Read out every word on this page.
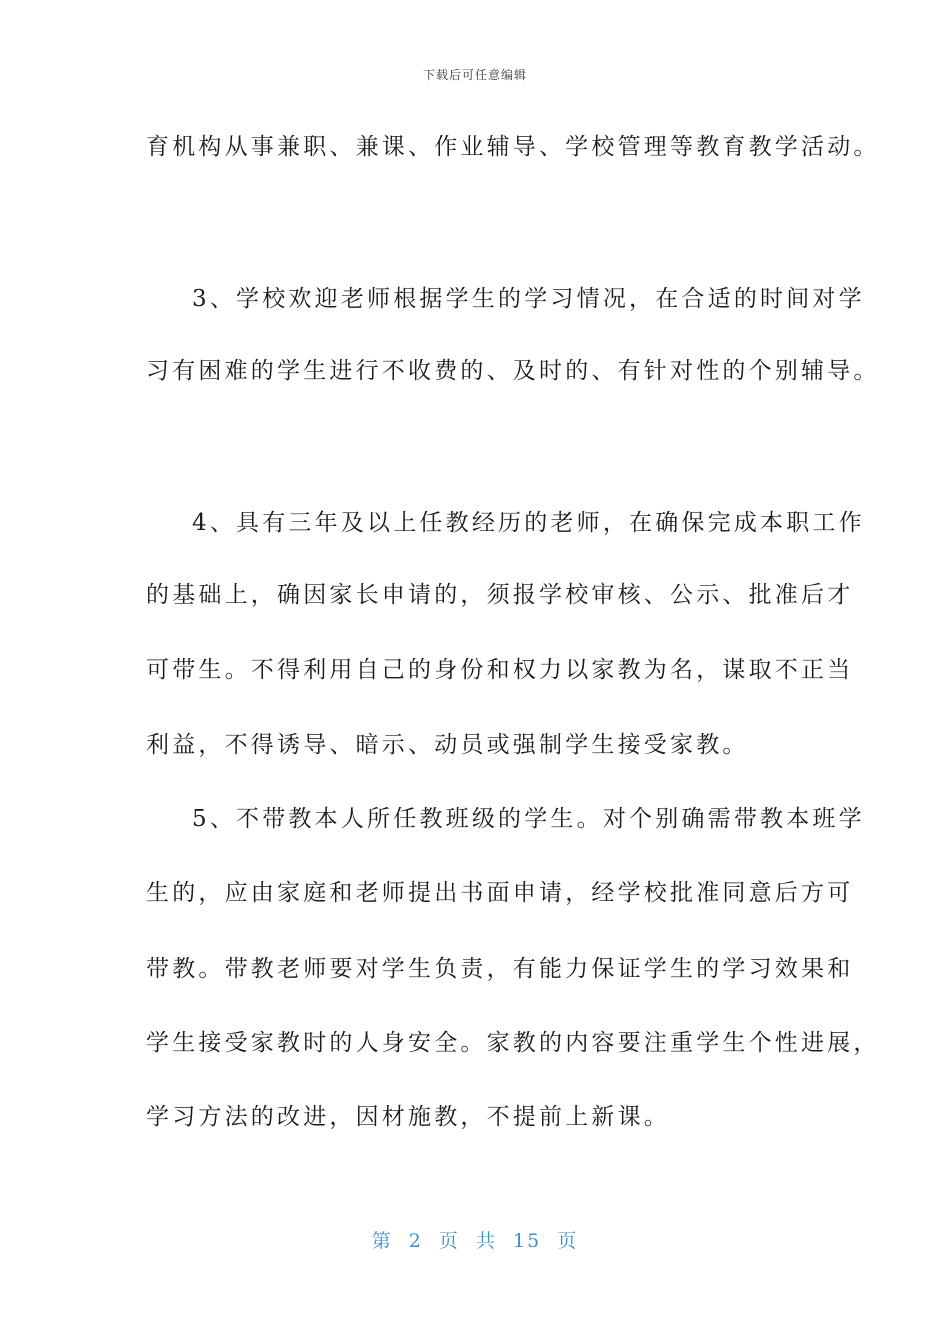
下载后可任意编辑
育机构从事兼职、兼课、作业辅导、学校管理等教育教学活动。
3、学校欢迎老师根据学生的学习情况，在合适的时间对学
习有困难的学生进行不收费的、及时的、有针对性的个别辅导。
4、具有三年及以上任教经历的老师，在确保完成本职工作
的基础上，确因家长申请的，须报学校审核、公示、批准后才
可带生。不得利用自己的身份和权力以家教为名，谋取不正当
利益，不得诱导、暗示、动员或强制学生接受家教。
5、不带教本人所任教班级的学生。对个别确需带教本班学
生的，应由家庭和老师提出书面申请，经学校批准同意后方可
带教。带教老师要对学生负责，有能力保证学生的学习效果和
学生接受家教时的人身安全。家教的内容要注重学生个性进展，
学习方法的改进，因材施教，不提前上新课。
第 2 页 共 15 页
